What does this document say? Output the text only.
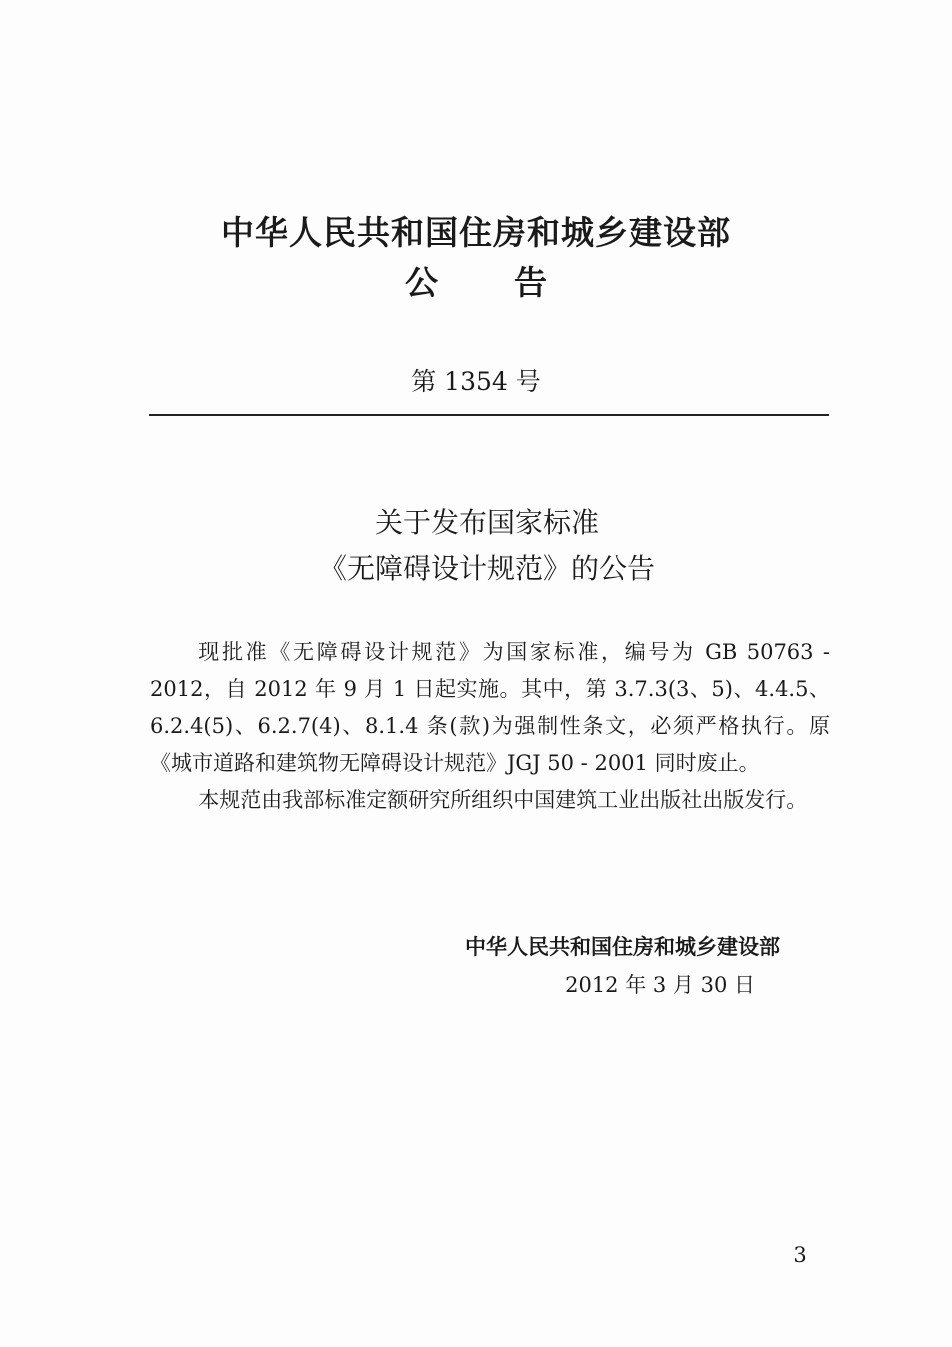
中华人民共和国住房和城乡建设部
公 告
第 1354 号
关于发布国家标准
《无障碍设计规范》的公告

现批准《无障碍设计规范》为国家标准，编号为 GB 50763 - 2012，自 2012 年 9 月 1 日起实施。其中，第 3.7.3(3、5)、4.4.5、6.2.4(5)、6.2.7(4)、8.1.4 条(款)为强制性条文，必须严格执行。原《城市道路和建筑物无障碍设计规范》JGJ 50 - 2001 同时废止。

本规范由我部标准定额研究所组织中国建筑工业出版社出版发行。

中华人民共和国住房和城乡建设部
2012 年 3 月 30 日
3
